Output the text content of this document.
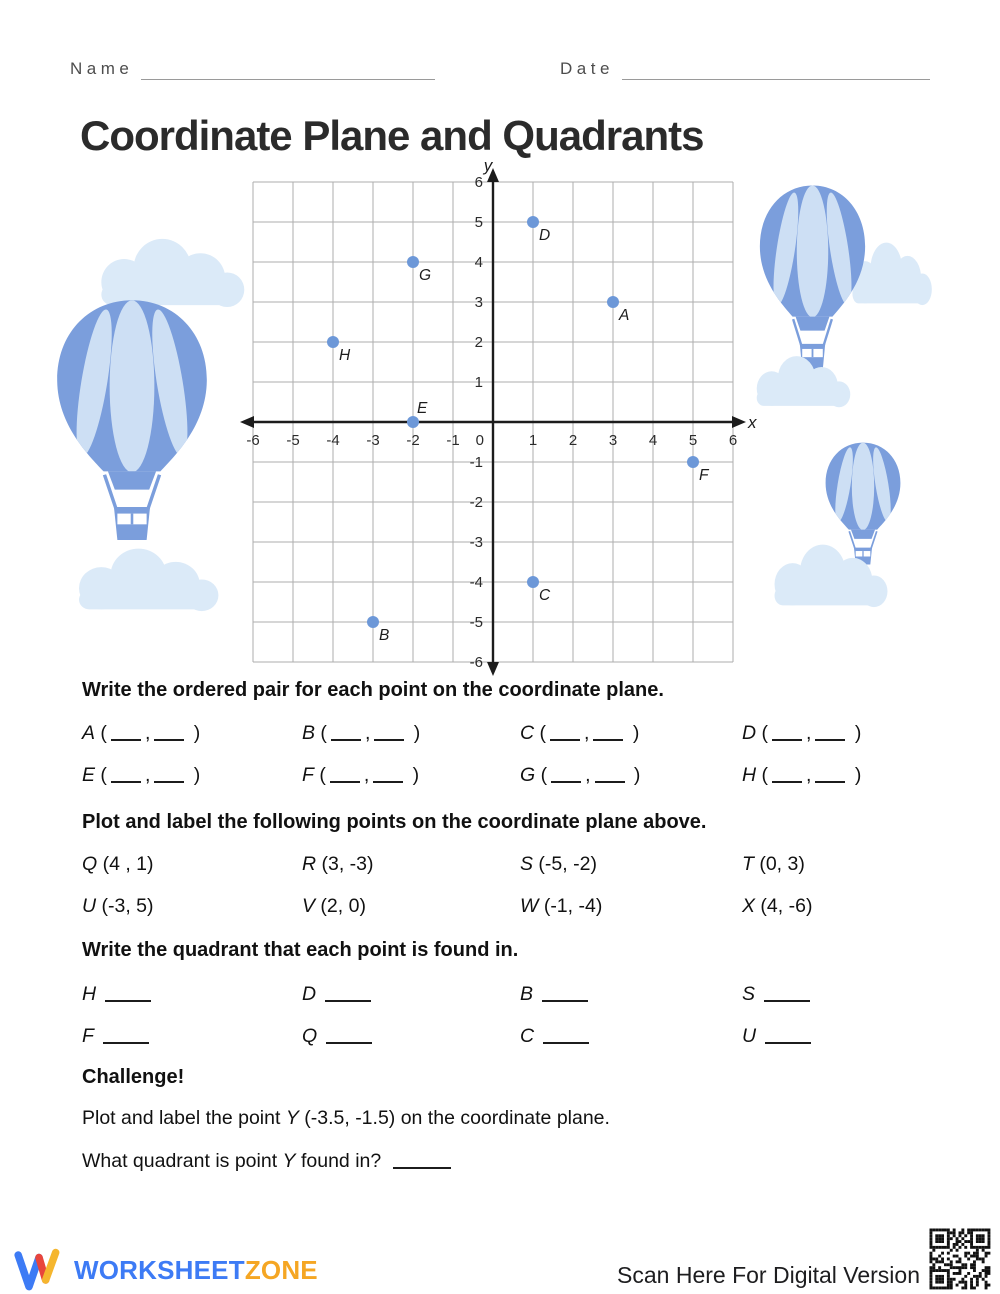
Name	Date
Coordinate Plane and Quadrants
-6
-6
-5
-5
-4
-4
-3
-3
-2
-2
-1
-1
1
1
2
2
3
3
4
4
5
5
6
6
0
y
x
A
B
C
D
E
F
G
H
Write the ordered pair for each point on the coordinate plane.
A ( , )	B ( , )	C ( , )	D ( , )
E ( , )	F ( , )	G ( , )	H ( , )
Plot and label the following points on the coordinate plane above.
Q (4 , 1)	R (3, -3)	S (-5, -2)	T (0, 3)
U (-3, 5)	V (2, 0)	W (-1, -4)	X (4, -6)
Write the quadrant that each point is found in.
H	D	B	S
F	Q	C	U
Challenge!
Plot and label the point Y (-3.5, -1.5) on the coordinate plane.
What quadrant is point Y found in?
WORKSHEETZONE	Scan Here For Digital Version
